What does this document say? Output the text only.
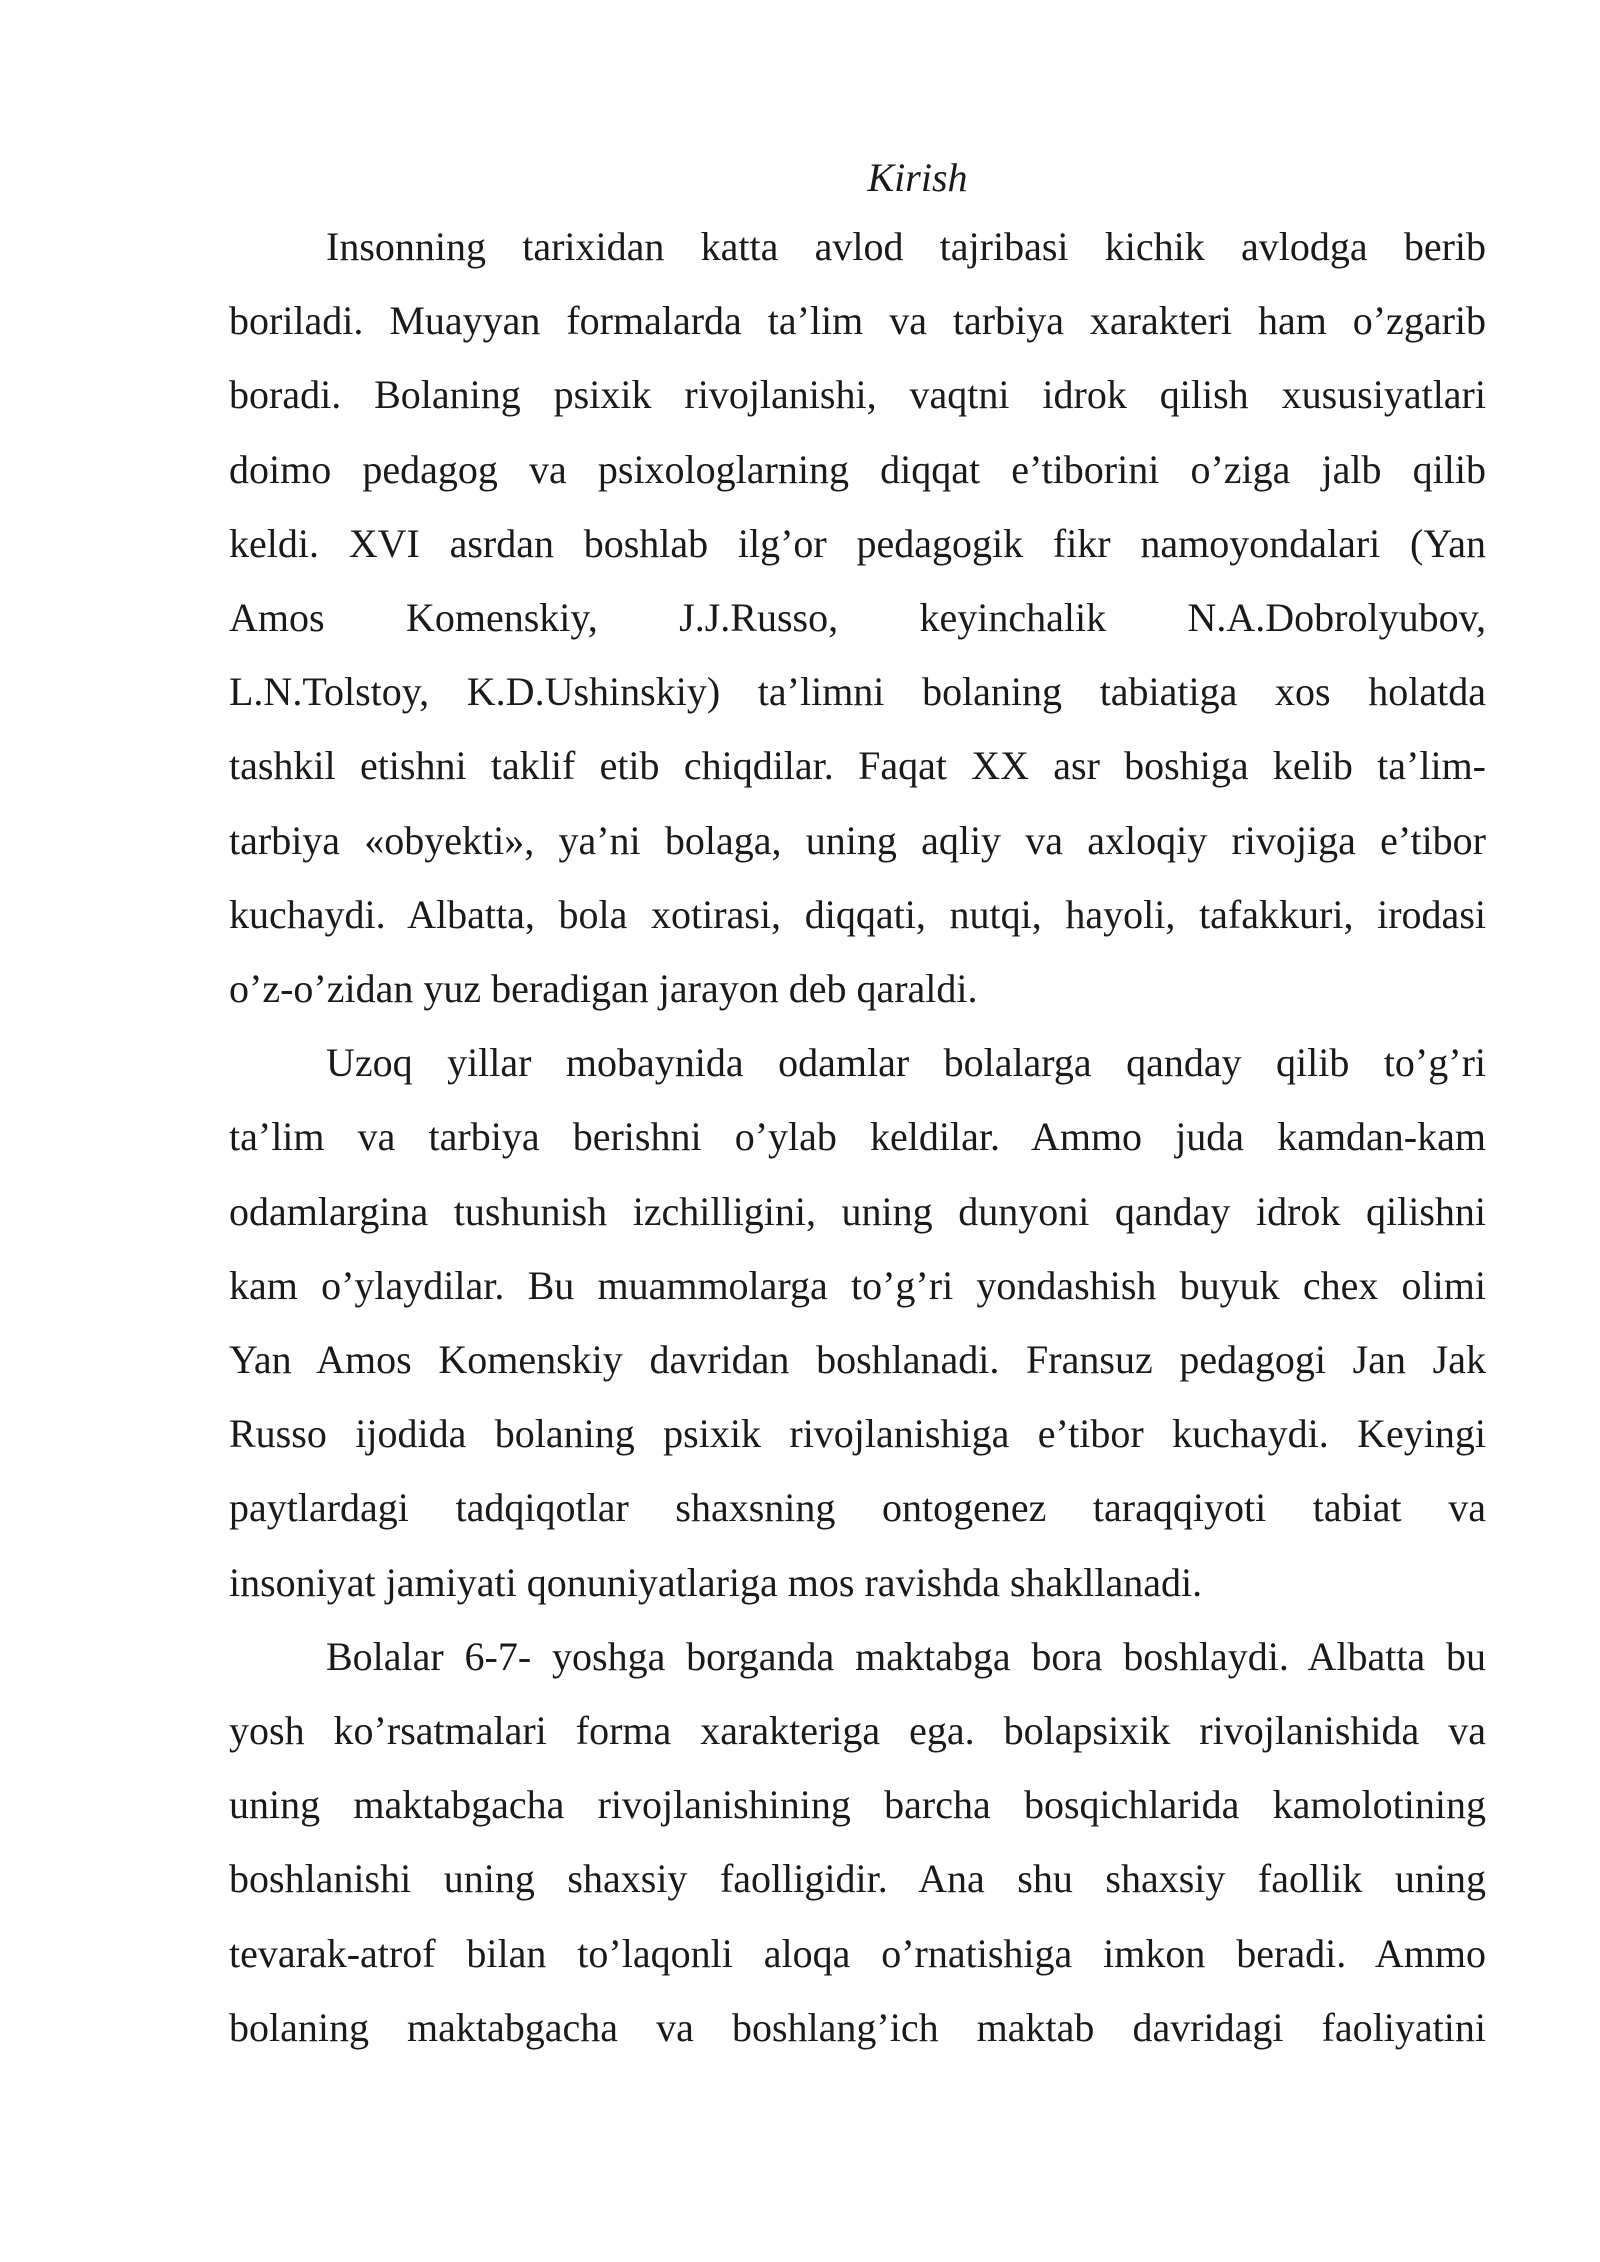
Kirish
Insonning tarixidan katta avlod tajribasi kichik avlodga berib
boriladi. Muayyan formalarda ta’lim va tarbiya xarakteri ham o’zgarib
boradi. Bolaning psixik rivojlanishi, vaqtni idrok qilish xususiyatlari
doimo pedagog va psixologlarning diqqat e’tiborini o’ziga jalb qilib
keldi. XVI asrdan boshlab ilg’or pedagogik fikr namoyondalari (Yan
Amos Komenskiy, J.J.Russo, keyinchalik N.A.Dobrolyubov,
L.N.Tolstoy, K.D.Ushinskiy) ta’limni bolaning tabiatiga xos holatda
tashkil etishni taklif etib chiqdilar. Faqat XX asr boshiga kelib ta’lim-
tarbiya «obyekti», ya’ni bolaga, uning aqliy va axloqiy rivojiga e’tibor
kuchaydi. Albatta, bola xotirasi, diqqati, nutqi, hayoli, tafakkuri, irodasi
o’z-o’zidan yuz beradigan jarayon deb qaraldi.
Uzoq yillar mobaynida odamlar bolalarga qanday qilib to’g’ri
ta’lim va tarbiya berishni o’ylab keldilar. Ammo juda kamdan-kam
odamlargina tushunish izchilligini, uning dunyoni qanday idrok qilishni
kam o’ylaydilar. Bu muammolarga to’g’ri yondashish buyuk chex olimi
Yan Amos Komenskiy davridan boshlanadi. Fransuz pedagogi Jan Jak
Russo ijodida bolaning psixik rivojlanishiga e’tibor kuchaydi. Keyingi
paytlardagi tadqiqotlar shaxsning ontogenez taraqqiyoti tabiat va
insoniyat jamiyati qonuniyatlariga mos ravishda shakllanadi.
Bolalar 6-7- yoshga borganda maktabga bora boshlaydi. Albatta bu
yosh ko’rsatmalari forma xarakteriga ega. bolapsixik rivojlanishida va
uning maktabgacha rivojlanishining barcha bosqichlarida kamolotining
boshlanishi uning shaxsiy faolligidir. Ana shu shaxsiy faollik uning
tevarak-atrof bilan to’laqonli aloqa o’rnatishiga imkon beradi. Ammo
bolaning maktabgacha va boshlang’ich maktab davridagi faoliyatini
